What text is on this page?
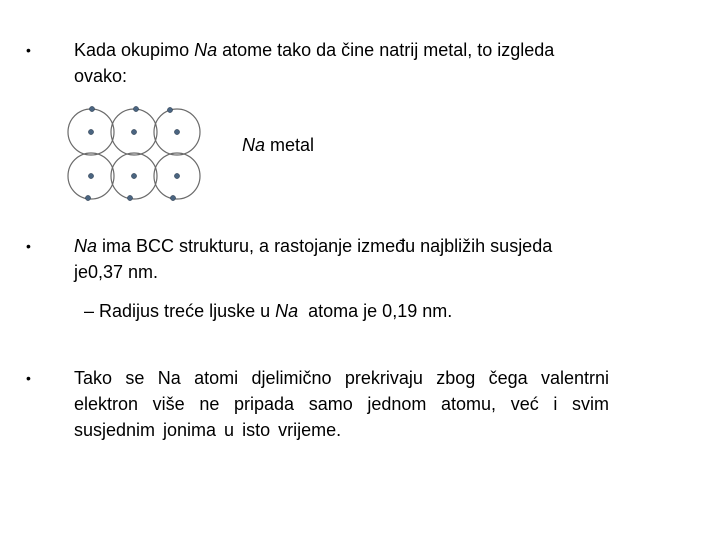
•	Kada okupimo Na atome tako da čine natrij metal, to izgleda
ovako:
Na metal
•	Na ima BCC strukturu, a rastojanje između najbližih susjeda
je0,37 nm.
– Radijus treće ljuske u Na  atoma je 0,19 nm.
•	Tako se Na atomi djelimično prekrivaju zbog čega valentrni elektron više ne pripada samo jednom atomu, već i svim susjednim jonima u isto vrijeme.
